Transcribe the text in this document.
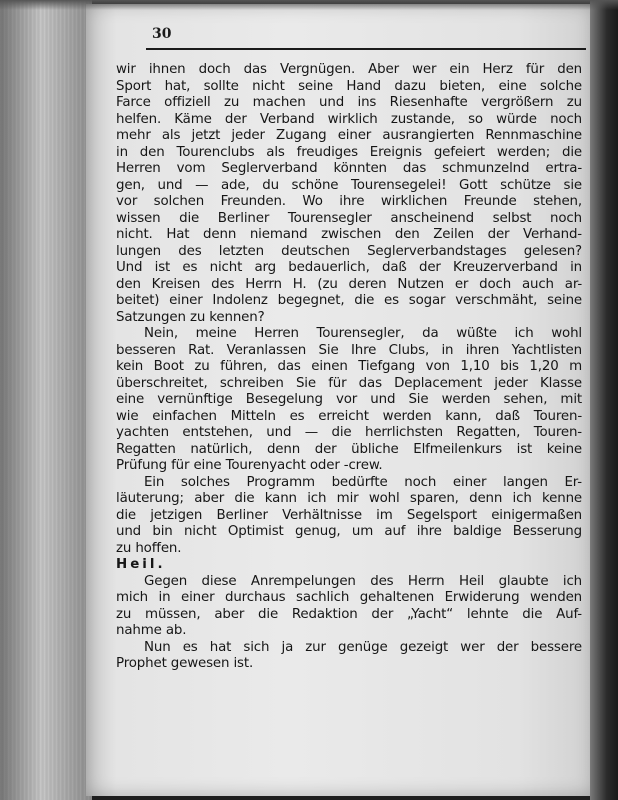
30

wir ihnen doch das Vergnügen. Aber wer ein Herz für den
Sport hat, sollte nicht seine Hand dazu bieten, eine solche
Farce offiziell zu machen und ins Riesenhafte vergrößern zu
helfen. Käme der Verband wirklich zustande, so würde noch
mehr als jetzt jeder Zugang einer ausrangierten Rennmaschine
in den Tourenclubs als freudiges Ereignis gefeiert werden; die
Herren vom Seglerverband könnten das schmunzelnd ertra-
gen, und — ade, du schöne Tourensegelei! Gott schütze sie
vor solchen Freunden. Wo ihre wirklichen Freunde stehen,
wissen die Berliner Tourensegler anscheinend selbst noch
nicht. Hat denn niemand zwischen den Zeilen der Verhand-
lungen des letzten deutschen Seglerverbandstages gelesen?
Und ist es nicht arg bedauerlich, daß der Kreuzerverband in
den Kreisen des Herrn H. (zu deren Nutzen er doch auch ar-
beitet) einer Indolenz begegnet, die es sogar verschmäht, seine
Satzungen zu kennen?

Nein, meine Herren Tourensegler, da wüßte ich wohl
besseren Rat. Veranlassen Sie Ihre Clubs, in ihren Yachtlisten
kein Boot zu führen, das einen Tiefgang von 1,10 bis 1,20 m
überschreitet, schreiben Sie für das Deplacement jeder Klasse
eine vernünftige Besegelung vor und Sie werden sehen, mit
wie einfachen Mitteln es erreicht werden kann, daß Touren-
yachten entstehen, und — die herrlichsten Regatten, Touren-
Regatten natürlich, denn der übliche Elfmeilenkurs ist keine
Prüfung für eine Tourenyacht oder -crew.

Ein solches Programm bedürfte noch einer langen Er-
läuterung; aber die kann ich mir wohl sparen, denn ich kenne
die jetzigen Berliner Verhältnisse im Segelsport einigermaßen
und bin nicht Optimist genug, um auf ihre baldige Besserung
zu hoffen.
Heil.

Gegen diese Anrempelungen des Herrn Heil glaubte ich
mich in einer durchaus sachlich gehaltenen Erwiderung wenden
zu müssen, aber die Redaktion der „Yacht“ lehnte die Auf-
nahme ab.

Nun es hat sich ja zur genüge gezeigt wer der bessere
Prophet gewesen ist.
